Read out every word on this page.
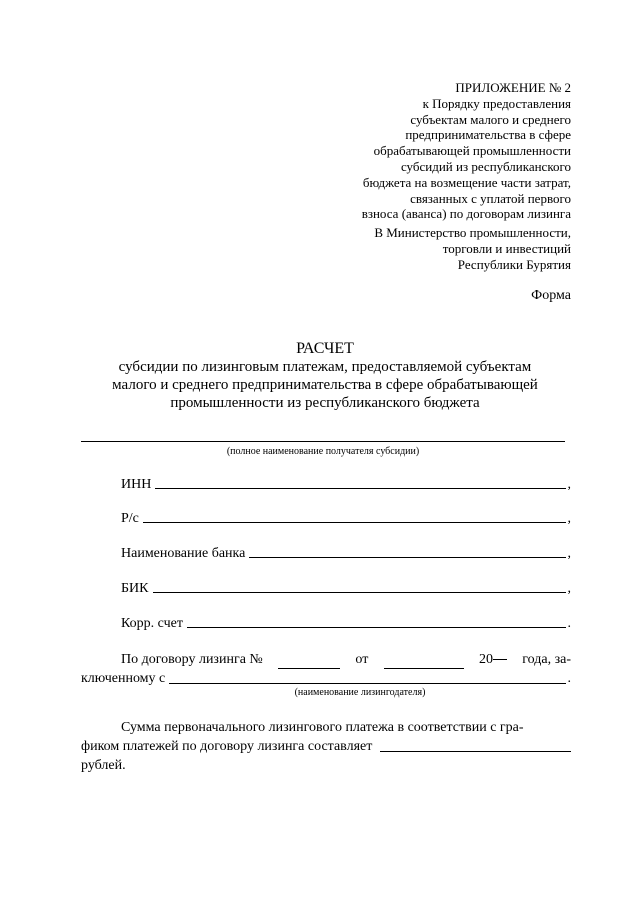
ПРИЛОЖЕНИЕ № 2
к Порядку предоставления
субъектам малого и среднего
предпринимательства в сфере
обрабатывающей промышленности
субсидий из республиканского
бюджета на возмещение части затрат,
связанных с уплатой первого
взноса (аванса) по договорам лизинга
В Министерство промышленности,
торговли и инвестиций
Республики Бурятия
Форма
РАСЧЕТ
субсидии по лизинговым платежам, предоставляемой субъектам
малого и среднего предпринимательства в сфере обрабатывающей
промышленности из республиканского бюджета
(полное наименование получателя субсидии)
ИНН	,
Р/с	,
Наименование банка	,
БИК	,
Корр. счет	.
По договору лизинга №	от	20	года, за-
ключенному с	.
(наименование лизингодателя)
Сумма первоначального лизингового платежа в соответствии с гра-
фиком платежей по договору лизинга составляет
рублей.
